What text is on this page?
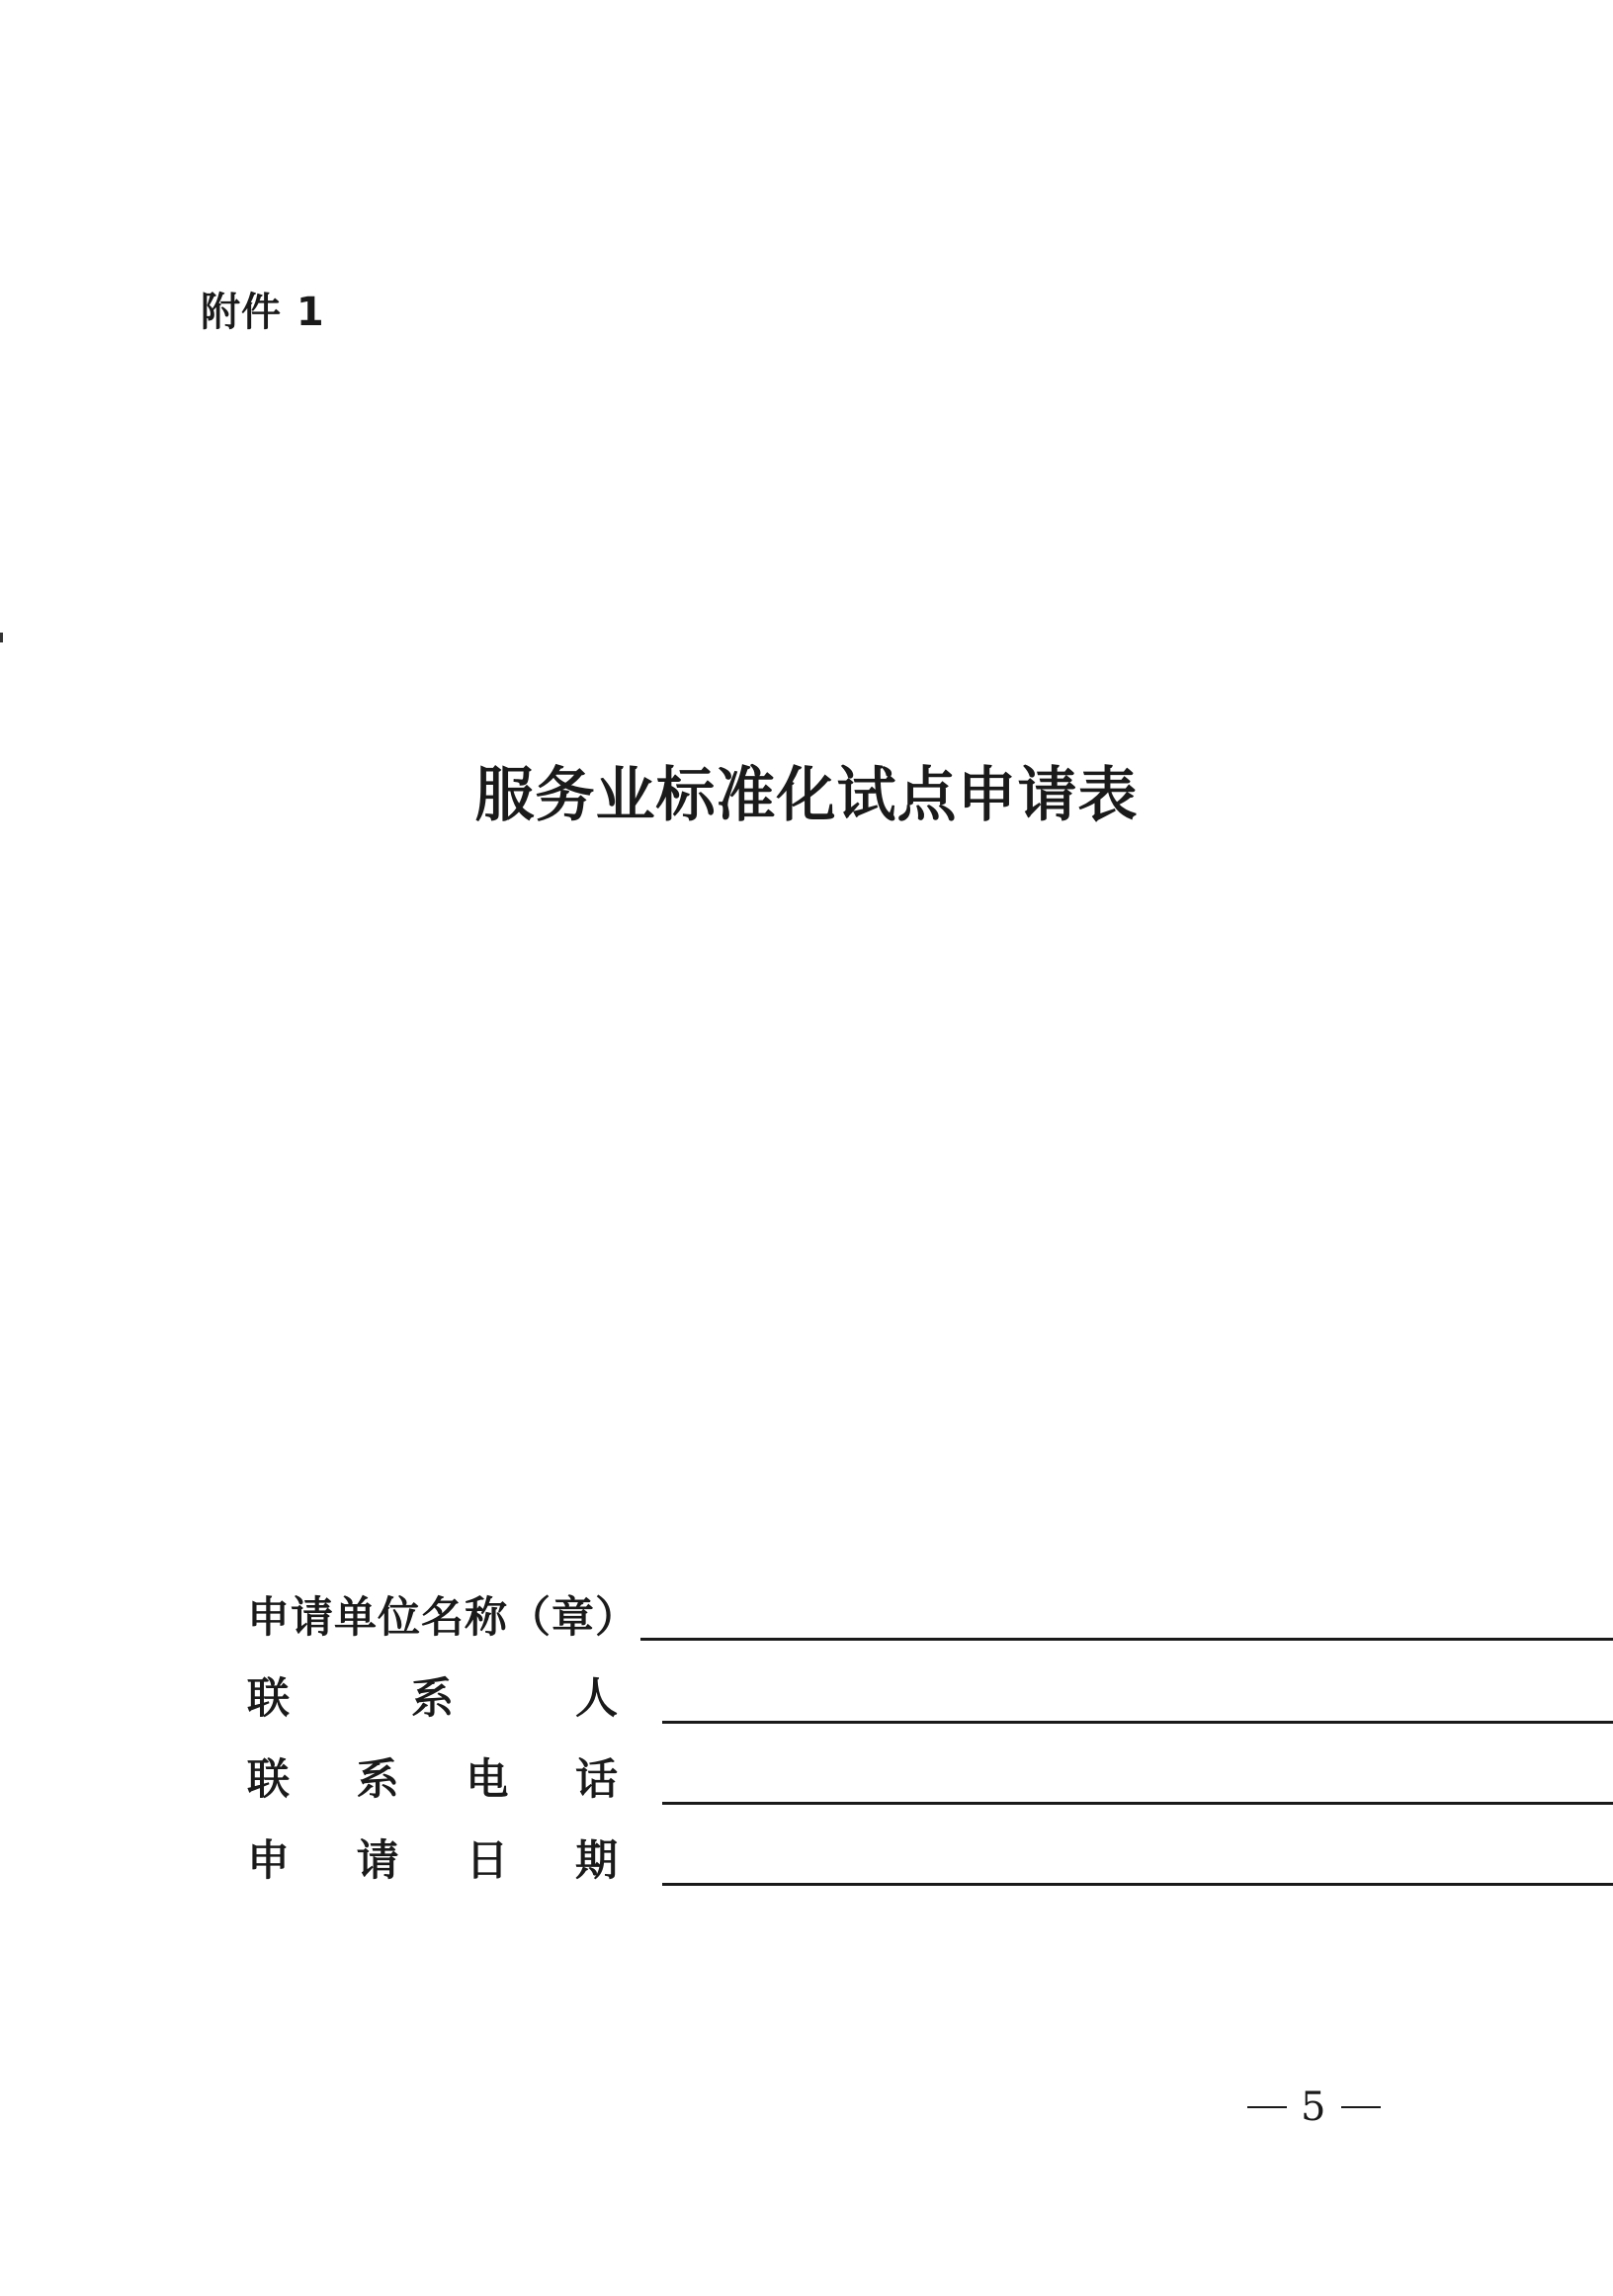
附件 1
服务业标准化试点申请表
申请单位名称（章）
联	系	人
联 系 电 话
申 请 日 期
5
